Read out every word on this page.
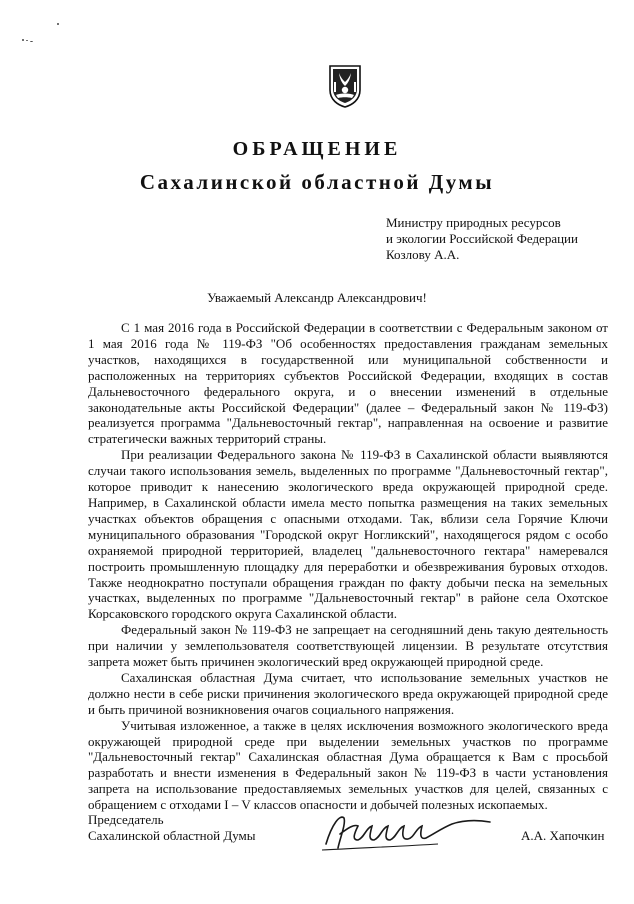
ОБРАЩЕНИЕ
Сахалинской областной Думы
Министру природных ресурсов
и экологии Российской Федерации
Козлову А.А.

Уважаемый Александр Александрович!

С 1 мая 2016 года в Российской Федерации в соответствии с Федеральным законом от 1 мая 2016 года № 119-ФЗ "Об особенностях предоставления гражданам земельных участков, находящихся в государственной или муниципальной собственности и расположенных на территориях субъектов Российской Федерации, входящих в состав Дальневосточного федерального округа, и о внесении изменений в отдельные законодательные акты Российской Федерации" (далее – Федеральный закон № 119-ФЗ) реализуется программа "Дальневосточный гектар", направленная на освоение и развитие стратегически важных территорий страны.

При реализации Федерального закона № 119-ФЗ в Сахалинской области выявляются случаи такого использования земель, выделенных по программе "Дальневосточный гектар", которое приводит к нанесению экологического вреда окружающей природной среде. Например, в Сахалинской области имела место попытка размещения на таких земельных участках объектов обращения с опасными отходами. Так, вблизи села Горячие Ключи муниципального образования "Городской округ Ногликский", находящегося рядом с особо охраняемой природной территорией, владелец "дальневосточного гектара" намеревался построить промышленную площадку для переработки и обезвреживания буровых отходов. Также неоднократно поступали обращения граждан по факту добычи песка на земельных участках, выделенных по программе "Дальневосточный гектар" в районе села Охотское Корсаковского городского округа Сахалинской области.

Федеральный закон № 119-ФЗ не запрещает на сегодняшний день такую деятельность при наличии у землепользователя соответствующей лицензии. В результате отсутствия запрета может быть причинен экологический вред окружающей природной среде.

Сахалинская областная Дума считает, что использование земельных участков не должно нести в себе риски причинения экологического вреда окружающей природной среде и быть причиной возникновения очагов социального напряжения.

Учитывая изложенное, а также в целях исключения возможного экологического вреда окружающей природной среде при выделении земельных участков по программе "Дальневосточный гектар" Сахалинская областная Дума обращается к Вам с просьбой разработать и внести изменения в Федеральный закон № 119-ФЗ в части установления запрета на использование предоставляемых земельных участков для целей, связанных с обращением с отходами I – V классов опасности и добычей полезных ископаемых.

Председатель
Сахалинской областной Думы	А.А. Хапочкин
